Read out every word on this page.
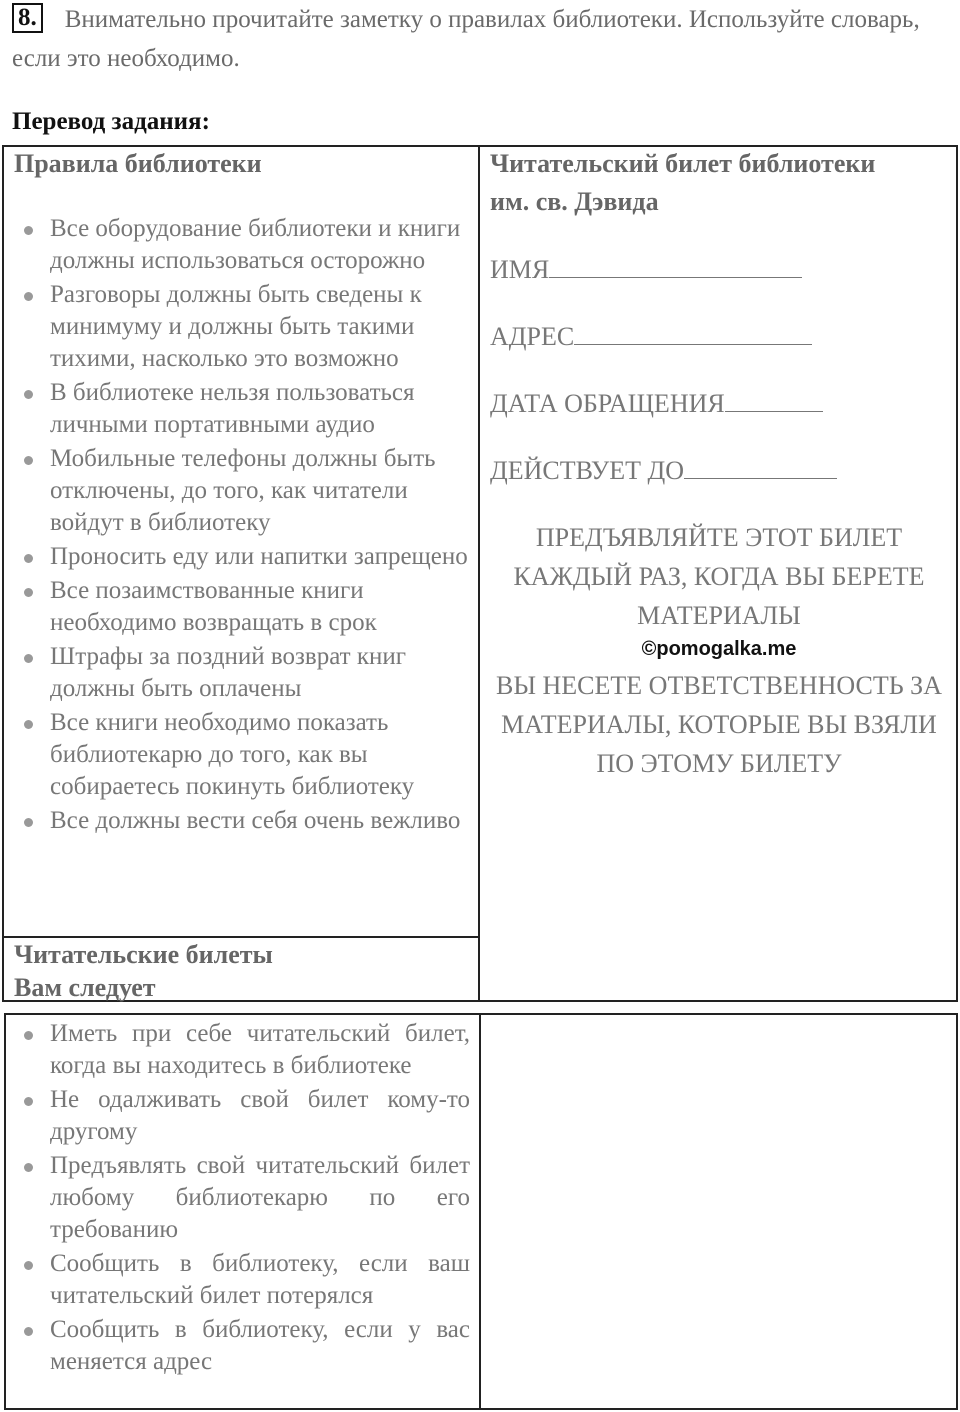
8. Внимательно прочитайте заметку о правилах библиотеки. Используйте словарь, если это необходимо.
Перевод задания:
Правила библиотеки
Все оборудование библиотеки и книги должны использоваться осторожно
Разговоры должны быть сведены к минимуму и должны быть такими тихими, насколько это возможно
В библиотеке нельзя пользоваться личными портативными аудио
Мобильные телефоны должны быть отключены, до того, как читатели войдут в библиотеку
Проносить еду или напитки запрещено
Все позаимствованные книги необходимо возвращать в срок
Штрафы за поздний возврат книг должны быть оплачены
Все книги необходимо показать библиотекарю до того, как вы собираетесь покинуть библиотеку
Все должны вести себя очень вежливо
Читательские билеты
Вам следует
Читательский билет библиотеки
им. св. Дэвида
ИМЯ
АДРЕС
ДАТА ОБРАЩЕНИЯ
ДЕЙСТВУЕТ ДО
ПРЕДЪЯВЛЯЙТЕ ЭТОТ БИЛЕТ КАЖДЫЙ РАЗ, КОГДА ВЫ БЕРЕТЕ МАТЕРИАЛЫ
©pomogalka.me
ВЫ НЕСЕТЕ ОТВЕТСТВЕННОСТЬ ЗА МАТЕРИАЛЫ, КОТОРЫЕ ВЫ ВЗЯЛИ ПО ЭТОМУ БИЛЕТУ
Иметь при себе читательский билет, когда вы находитесь в библиотеке
Не одалживать свой билет кому-то другому
Предъявлять свой читательский билет любому библиотекарю по его требованию
Сообщить в библиотеку, если ваш читательский билет потерялся
Сообщить в библиотеку, если у вас меняется адрес
